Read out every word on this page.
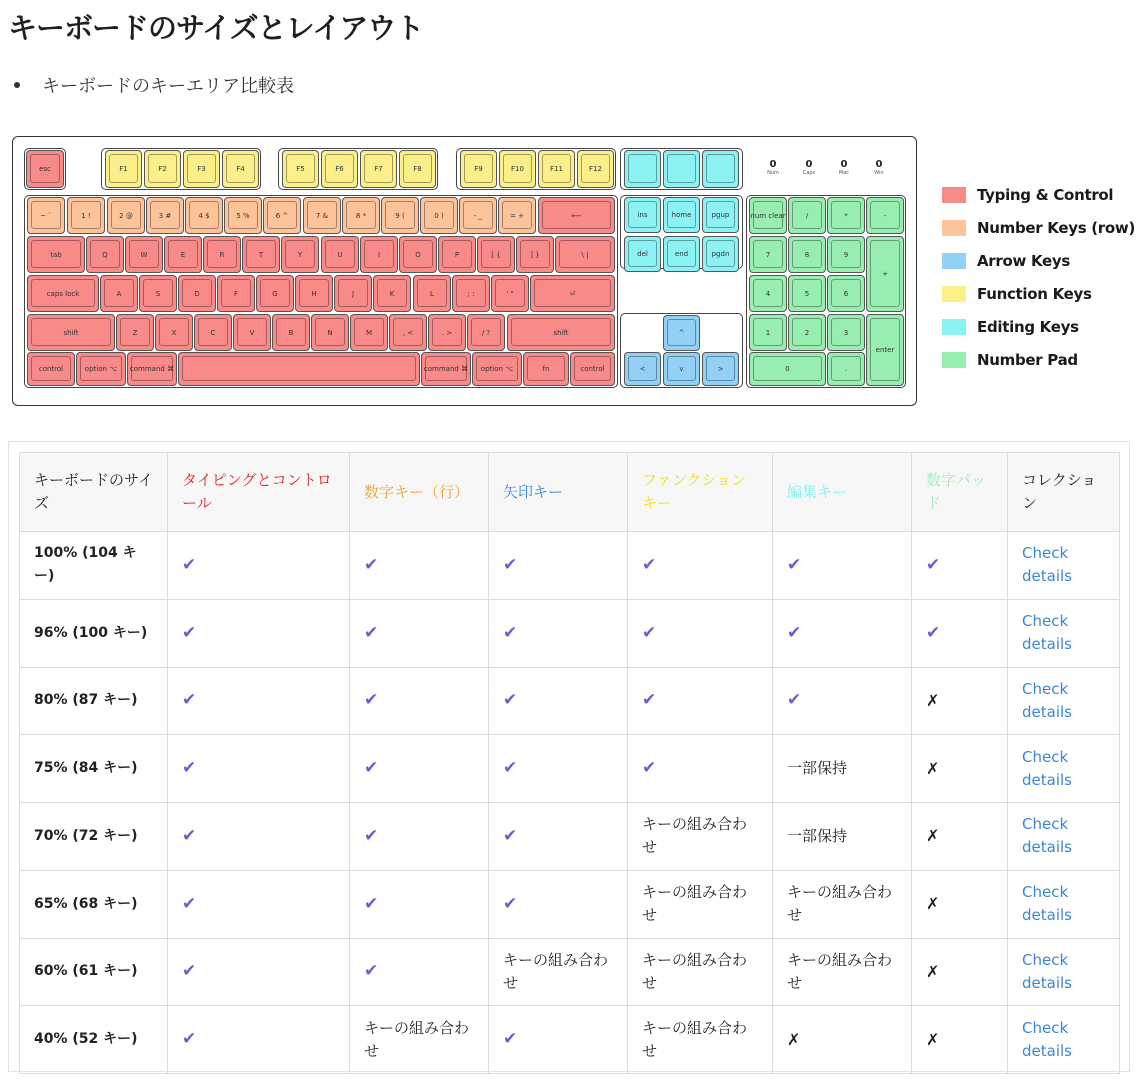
キーボードのサイズとレイアウト
キーボードのキーエリア比較表
esc	F1	F2	F3	F4	F5	F6	F7	F8	F9	F10	F11	F12
~ `	1 !	2 @	3 #	4 $	5 %	6 ^	7 &	8 *	9 (	0 )	- _	= +	⟵
tab	Q	W	E	R	T	Y	U	I	O	P	[ {	] }	\ |
caps lock	A	S	D	F	G	H	J	K	L	; :	' "	⏎
shift	Z	X	C	V	B	N	M	, <	. >	/ ?	shift
control	option ⌥	command ⌘	command ⌘	option ⌥	fn	control
ins	home	pgup
del	end	pgdn
^
<	v	>
num clear	/	*	-
7	8	9
+
4	5	6
1	2	3
enter
0	.
0
Num
0
Caps
0
Mac
0
Win
Typing & Control
Number Keys (row)
Arrow Keys
Function Keys
Editing Keys
Number Pad
キーボードのサイズ	タイピングとコントロール	数字キー（行）	矢印キー	ファンクションキー	編集キー	数字パッド	コレクション
100% (104 キー)	✔	✔	✔	✔	✔	✔	Check details
96% (100 キー)	✔	✔	✔	✔	✔	✔	Check details
80% (87 キー)	✔	✔	✔	✔	✔	✗	Check details
75% (84 キー)	✔	✔	✔	✔	一部保持	✗	Check details
70% (72 キー)	✔	✔	✔	キーの組み合わせ	一部保持	✗	Check details
65% (68 キー)	✔	✔	✔	キーの組み合わせ	キーの組み合わせ	✗	Check details
60% (61 キー)	✔	✔	キーの組み合わせ	キーの組み合わせ	キーの組み合わせ	✗	Check details
40% (52 キー)	✔	キーの組み合わせ	✔	キーの組み合わせ	✗	✗	Check details
